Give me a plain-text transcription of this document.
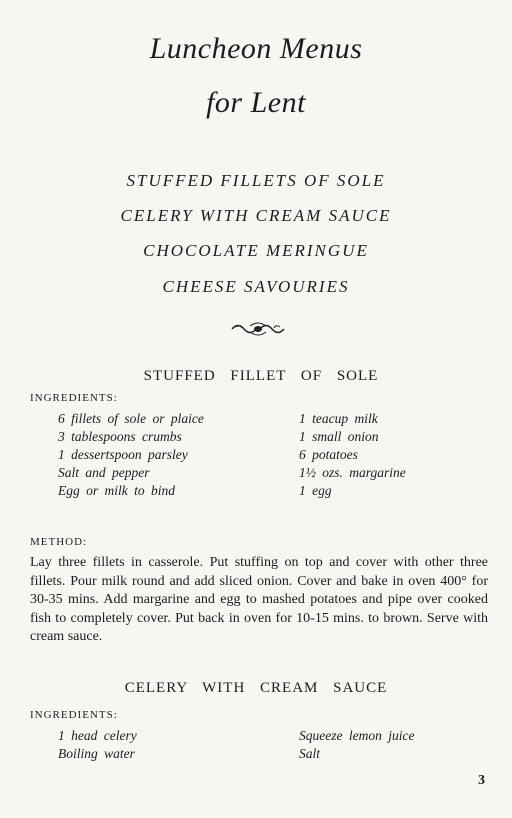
Luncheon Menus
for Lent
STUFFED FILLETS OF SOLE
CELERY WITH CREAM SAUCE
CHOCOLATE MERINGUE
CHEESE SAVOURIES
STUFFED FILLET OF SOLE
INGREDIENTS:
6 fillets of sole or plaice
3 tablespoons crumbs
1 dessertspoon parsley
Salt and pepper
Egg or milk to bind
1 teacup milk
1 small onion
6 potatoes
1½ ozs. margarine
1 egg
METHOD:
Lay three fillets in casserole. Put stuffing on top and cover with other three fillets. Pour milk round and add sliced onion. Cover and bake in oven 400° for 30-35 mins. Add margarine and egg to mashed potatoes and pipe over cooked fish to completely cover. Put back in oven for 10-15 mins. to brown. Serve with cream sauce.
CELERY WITH CREAM SAUCE
INGREDIENTS:
1 head celery
Boiling water
Squeeze lemon juice
Salt
3
